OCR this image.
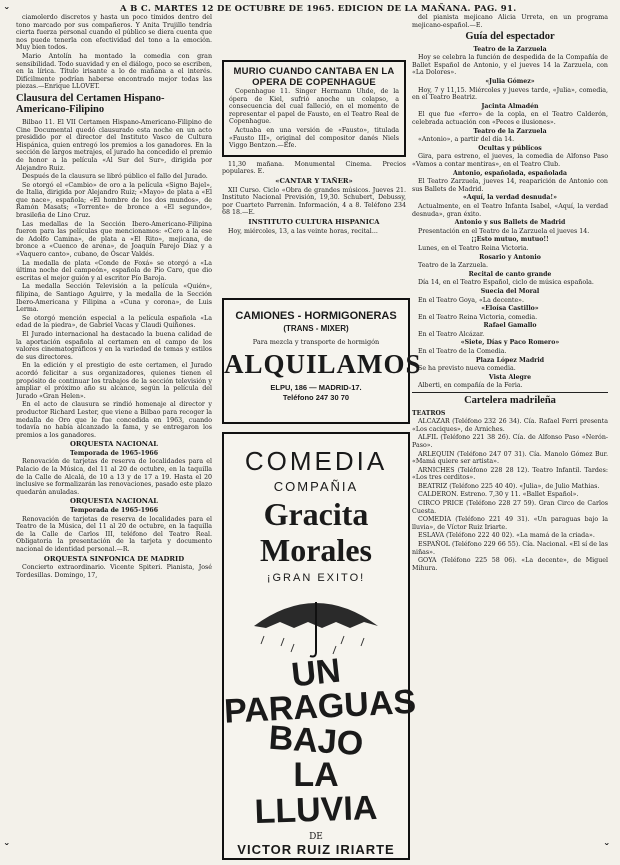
A B C. MARTES 12 DE OCTUBRE DE 1965. EDICION DE LA MAÑANA. PAG. 91.

ciamolerdo discretos y hasta un poco tímidos dentro del tono marcado por sus compañeros. Y Anita Trujillo tendría cierta fuerza personal cuando el público se diera cuenta que nos puede tenerla con efectividad del tono a la emoción. Muy bien todos.

Mario Antolín ha montado la comedia con gran sensibilidad. Todo suavidad y en el diálogo, poco se escriben, en la lírica. Título irisante a lo de mañana a el interés. Difícilmente podrían haberse encontrado mejor todas las piezas.—Enrique LLOVET.

Clausura del Certamen Hispano-Americano-Filipino

Bilbao 11. El VII Certamen Hispano-Americano-Filipino de Cine Documental quedó clausurado esta noche en un acto presidido por el director del Instituto Vasco de Cultura Hispánica, quien entregó los premios a los ganadores. En la sección de largos metrajes, el jurado ha concedido el premio de honor a la película «Al Sur del Sur», dirigida por Alejandro Ruiz.

Después de la clausura se libró público el fallo del Jurado.

Se otorgó el «Cambio» de oro a la película «Signo Bajel», de Italia, dirigida por Alejandro Ruiz; «Mayo» de plata a «El que nace», española; «El hombre de los dos mundos», de Ramón Masats; «Torrente» de bronce a «El segundo», brasileña de Lino Cruz.

Las medallas de la Sección Ibero-Americano-Filipina fueron para las películas que mencionamos: «Cero a la ese de Adolfo Camina», de plata a «El Rito», mejicana, de bronce a «Cuenco de arena», de Joaquín Parejo Díaz y a «Vaquero canto», cubano, de Óscar Valdés.

La medalla de plata «Conde de Foxá» se otorgó a «La última noche del campeón», española de Pío Caro, que dio escritas el mejor guión y al escritor Pío Baroja.

La medalla Sección Televisión a la película «Quién», filipina, de Santiago Aguirre, y la medalla de la Sección Ibero-Americana y Filipina a «Cuna y corona», de Luis Lerma.

Se otorgó mención especial a la película española «La edad de la piedra», de Gabriel Vacas y Claudi Quiñones.

El Jurado internacional ha destacado la buena calidad de la aportación española al certamen en el campo de los valores cinematográficos y en la variedad de temas y estilos de sus directores.

En la edición y el prestigio de este certamen, el Jurado acordó felicitar a sus organizadores, quienes tienen el propósito de continuar los trabajos de la sección televisión y ampliar el próximo año su alcance, según la película del Jurado «Gran Helen».

En el acto de clausura se rindió homenaje al director y productor Richard Lester, que viene a Bilbao para recoger la medalla de Oro que le fue concedida en 1963, cuando todavía no había alcanzado la fama, y se entregaron los premios a los ganadores.

ORQUESTA NACIONAL
Temporada de 1965-1966

Renovación de tarjetas de reserva de localidades para el Palacio de la Música, del 11 al 20 de octubre, en la taquilla de la Calle de Alcalá, de 10 a 13 y de 17 a 19. Hasta el 20 inclusive se formalizarán las renovaciones, pasado este plazo quedarán anuladas.

ORQUESTA NACIONAL
Temporada de 1965-1966

Renovación de tarjetas de reserva de localidades para el Teatro de la Música, del 11 al 20 de octubre, en la taquilla de la Calle de Carlos III, teléfono del Teatro Real. Obligatoria la presentación de la tarjeta y documento nacional de identidad personal.—R.

ORQUESTA SINFONICA DE MADRID

Concierto extraordinario. Vicente Spiteri. Pianista, José Tordesillas. Domingo, 17,

MURIO CUANDO CANTABA EN LA OPERA DE COPENHAGUE

Copenhague 11. Singer Hermann Uhde, de la ópera de Kiel, sufrió anoche un colapso, a consecuencia del cual falleció, en el momento de representar el papel de Fausto, en el Teatro Real de Copenhague.

Actuaba en una versión de «Fausto», titulada «Fausto III», original del compositor danés Niels Viggo Bentzon.—Efe.

11,30 mañana. Monumental Cinema. Precios populares. E.

«CANTAR Y TAÑER»

XII Curso. Ciclo «Obra de grandes músicos. Jueves 21. Instituto Nacional Previsión, 19,30. Schubert, Debussy, por Cuarteto Parrenin. Información, 4 a 8. Teléfono 234 68 18.—E.

INSTITUTO CULTURA HISPANICA

Hoy, miércoles, 13, a las veinte horas, recital...

CAMIONES - HORMIGONERAS
(TRANS - MIXER)
Para mezcla y transporte de hormigón
ALQUILAMOS
ELPU, 186 — MADRID-17.
Teléfono 247 30 70
COMEDIA
COMPAÑIA
Gracita
Morales
¡GRAN EXITO!
UN
PARAGUAS
BAJO
LA
LLUVIA
DE
VICTOR RUIZ IRIARTE

del pianista mejicano Alicia Urreta, en un programa mejicano-español.—E.

Guía del espectador
Teatro de la Zarzuela

Hoy se celebra la función de despedida de la Compañía de Ballet Español de Antonio, y el jueves 14 la Zarzuela, con «La Dolores».

«Julia Gómez»

Hoy, 7 y 11,15. Miércoles y jueves tarde, «Julia», comedia, en el Teatro Beatriz.

Jacinta Almadén

El que fue «ferro» de la copla, en el Teatro Calderón, celebrada actuación con «Peces e ilusiones».

Teatro de la Zarzuela

«Antonio», a partir del día 14.

Ocultas y públicos

Gira, para estreno, el jueves, la comedia de Alfonso Paso «Vamos a contar mentiras», en el Teatro Club.

Antonio, españolada, españolada

El Teatro Zarzuela, jueves 14, reaparición de Antonio con sus Ballets de Madrid.

«Aquí, la verdad desnuda!»

Actualmente, en el Teatro Infanta Isabel, «Aquí, la verdad desnuda», gran éxito.

Antonio y sus Ballets de Madrid

Presentación en el Teatro de la Zarzuela el jueves 14.

¡¡Esto mutuo, mutuo!!

Lunes, en el Teatro Reina Victoria.

Rosario y Antonio

Teatro de la Zarzuela.

Recital de canto grande

Día 14, en el Teatro Español, ciclo de música española.

Suecia del Moral

En el Teatro Goya, «La decente».

«Eloísa Castillo»

En el Teatro Reina Victoria, comedia.

Rafael Gamallo

En el Teatro Alcázar.

«Siete, Días y Paco Romero»

En el Teatro de la Comedia.

Plaza López Madrid

Se ha previsto nueva comedia.

Vista Alegre

Alberti, en compañía de la Feria.

Cartelera madrileña
TEATROS

ALCAZAR (Teléfono 232 26 34). Cía. Rafael Ferri presenta «Los caciques», de Arniches.

ALFIL (Teléfono 221 38 26). Cía. de Alfonso Paso «Nerón-Paso».

ARLEQUIN (Teléfono 247 07 31). Cía. Manolo Gómez Bur. «Mamá quiere ser artista».

ARNICHES (Teléfono 228 28 12). Teatro Infantil. Tardes: «Los tres cerditos».

BEATRIZ (Teléfono 225 40 40). «Julia», de Julio Mathias.

CALDERON. Estreno. 7,30 y 11. «Ballet Español».

CIRCO PRICE (Teléfono 228 27 59). Gran Circo de Carlos Cuesta.

COMEDIA (Teléfono 221 49 31). «Un paraguas bajo la lluvia», de Víctor Ruiz Iriarte.

ESLAVA (Teléfono 222 40 02). «La mamá de la criada».

ESPAÑOL (Teléfono 229 66 55). Cía. Nacional. «El sí de las niñas».

GOYA (Teléfono 225 58 06). «La decente», de Miguel Mihura.

ˇ
ˇ	ˇ
